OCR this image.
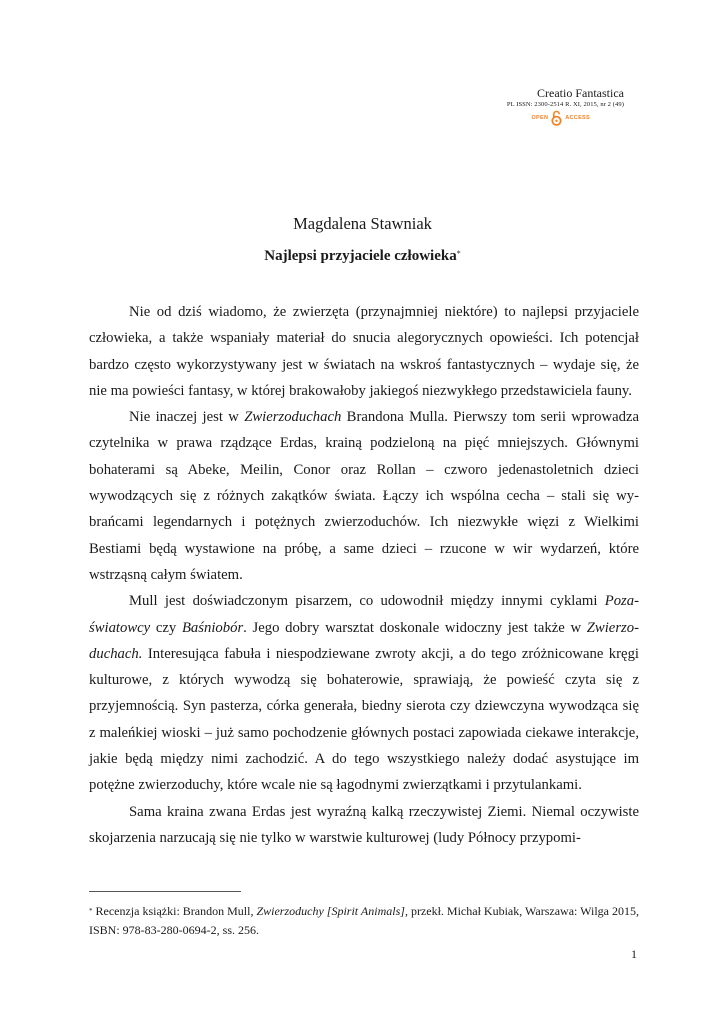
Creatio Fantastica
PL ISSN: 2300-2514 R. XI, 2015, nr 2 (49)
OPEN	ACCESS
Magdalena Stawniak
Najlepsi przyjaciele człowieka*

Nie od dziś wiadomo, że zwierzęta (przynajmniej niektóre) to najlepsi przyjaciele człowieka, a także wspaniały materiał do snucia alegorycznych opowieści. Ich potencjał bardzo często wykorzystywany jest w światach na wskroś fantastycznych – wydaje się, że nie ma powieści fantasy, w której brakowałoby jakiegoś niezwykłego przedstawiciela fauny.

Nie inaczej jest w Zwierzoduchach Brandona Mulla. Pierwszy tom serii wprowadza czytelnika w prawa rządzące Erdas, krainą podzieloną na pięć mniejszych. Głównymi bohaterami są Abeke, Meilin, Conor oraz Rollan – czworo jedenastoletnich dzieci wywodzących się z różnych zakątków świata. Łączy ich wspólna cecha – stali się wybrańcami legendarnych i potężnych zwierzoduchów. Ich niezwykłe więzi z Wielkimi Bestiami będą wystawione na próbę, a same dzieci – rzucone w wir wydarzeń, które wstrząsną całym światem.

Mull jest doświadczonym pisarzem, co udowodnił między innymi cyklami Pozaświatowcy czy Baśniobór. Jego dobry warsztat doskonale widoczny jest także w Zwierzoduchach. Interesująca fabuła i niespodziewane zwroty akcji, a do tego zróżnicowane kręgi kulturowe, z których wywodzą się bohaterowie, sprawiają, że powieść czyta się z przyjemnością. Syn pasterza, córka generała, biedny sierota czy dziewczyna wywodząca się z maleńkiej wioski – już samo pochodzenie głównych postaci zapowiada ciekawe interakcje, jakie będą między nimi zachodzić. A do tego wszystkiego należy dodać asystujące im potężne zwierzoduchy, które wcale nie są łagodnymi zwierzątkami i przytulankami.

Sama kraina zwana Erdas jest wyraźną kalką rzeczywistej Ziemi. Niemal oczywiste skojarzenia narzucają się nie tylko w warstwie kulturowej (ludy Północy przypomi-

* Recenzja książki: Brandon Mull, Zwierzoduchy [Spirit Animals], przekł. Michał Kubiak, Warszawa: Wilga 2015, ISBN: 978-83-280-0694-2, ss. 256.
1
